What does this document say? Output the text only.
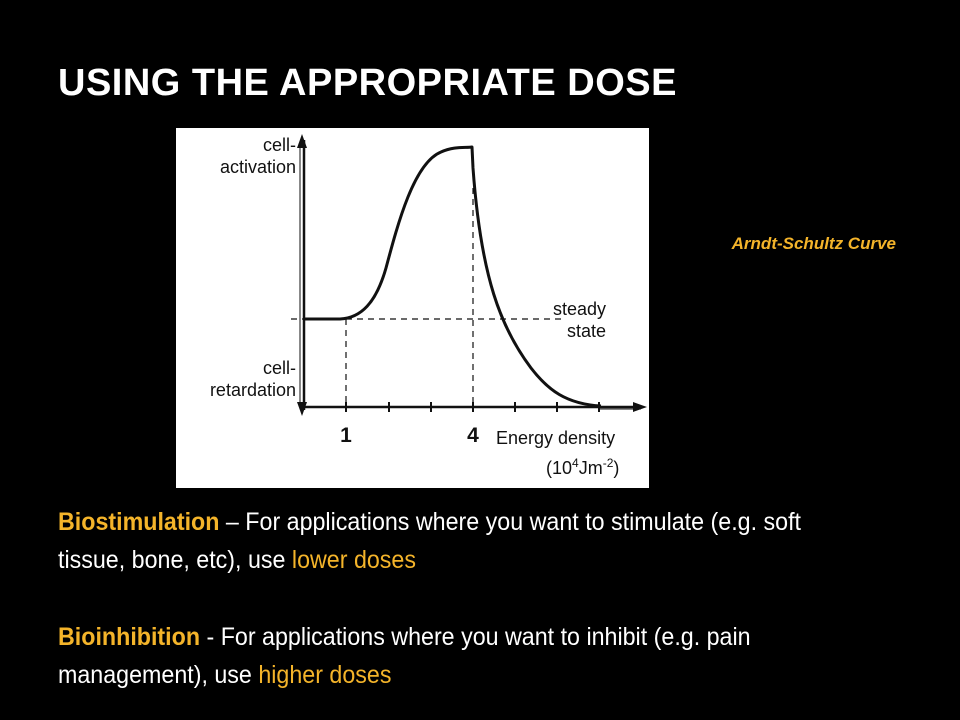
USING THE APPROPRIATE DOSE
cell-
activation
cell-
retardation
steady
state
1	4 Energy density
$(10^4Jm^{-2})$
Arndt-Schultz Curve
Biostimulation – For applications where you want to stimulate (e.g. soft tissue, bone, etc), use lower doses
Bioinhibition - For applications where you want to inhibit (e.g. pain management), use higher doses
